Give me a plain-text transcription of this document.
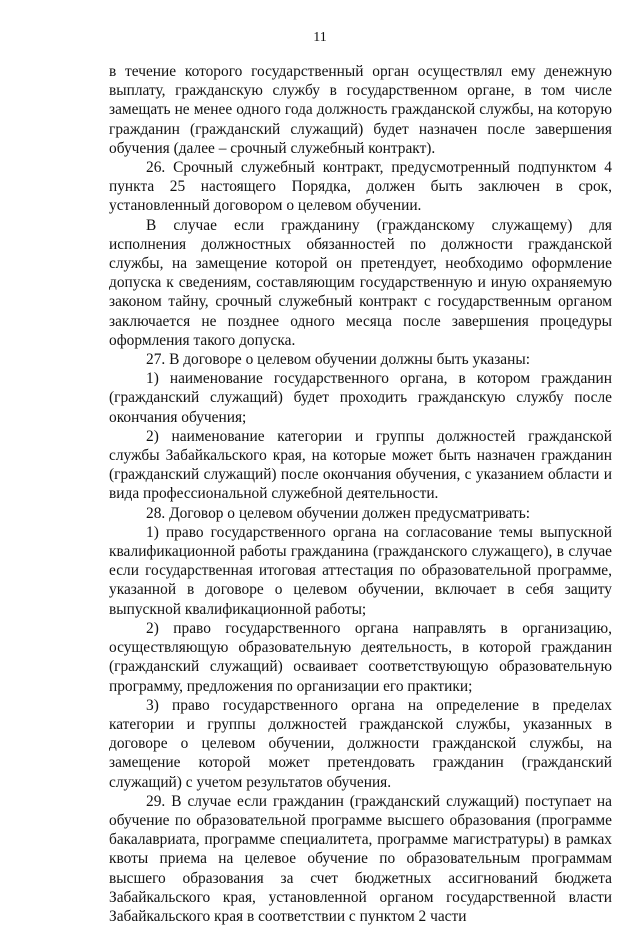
11

в течение которого государственный орган осуществлял ему денежную выплату, гражданскую службу в государственном органе, в том числе замещать не менее одного года должность гражданской службы, на которую гражданин (гражданский служащий) будет назначен после завершения обучения (далее – срочный служебный контракт).

26. Срочный служебный контракт, предусмотренный подпунктом 4 пункта 25 настоящего Порядка, должен быть заключен в срок, установленный договором о целевом обучении.

В случае если гражданину (гражданскому служащему) для исполнения должностных обязанностей по должности гражданской службы, на замещение которой он претендует, необходимо оформление допуска к сведениям, составляющим государственную и иную охраняемую законом тайну, срочный служебный контракт с государственным органом заключается не позднее одного месяца после завершения процедуры оформления такого допуска.

27. В договоре о целевом обучении должны быть указаны:

1) наименование государственного органа, в котором гражданин (гражданский служащий) будет проходить гражданскую службу после окончания обучения;

2) наименование категории и группы должностей гражданской службы Забайкальского края, на которые может быть назначен гражданин (гражданский служащий) после окончания обучения, с указанием области и вида профессиональной служебной деятельности.

28. Договор о целевом обучении должен предусматривать:

1) право государственного органа на согласование темы выпускной квалификационной работы гражданина (гражданского служащего), в случае если государственная итоговая аттестация по образовательной программе, указанной в договоре о целевом обучении, включает в себя защиту выпускной квалификационной работы;

2) право государственного органа направлять в организацию, осуществляющую образовательную деятельность, в которой гражданин (гражданский служащий) осваивает соответствующую образовательную программу, предложения по организации его практики;

3) право государственного органа на определение в пределах категории и группы должностей гражданской службы, указанных в договоре о целевом обучении, должности гражданской службы, на замещение которой может претендовать гражданин (гражданский служащий) с учетом результатов обучения.

29. В случае если гражданин (гражданский служащий) поступает на обучение по образовательной программе высшего образования (программе бакалавриата, программе специалитета, программе магистратуры) в рамках квоты приема на целевое обучение по образовательным программам высшего образования за счет бюджетных ассигнований бюджета Забайкальского края, установленной органом государственной власти Забайкальского края в соответствии с пунктом 2 части
